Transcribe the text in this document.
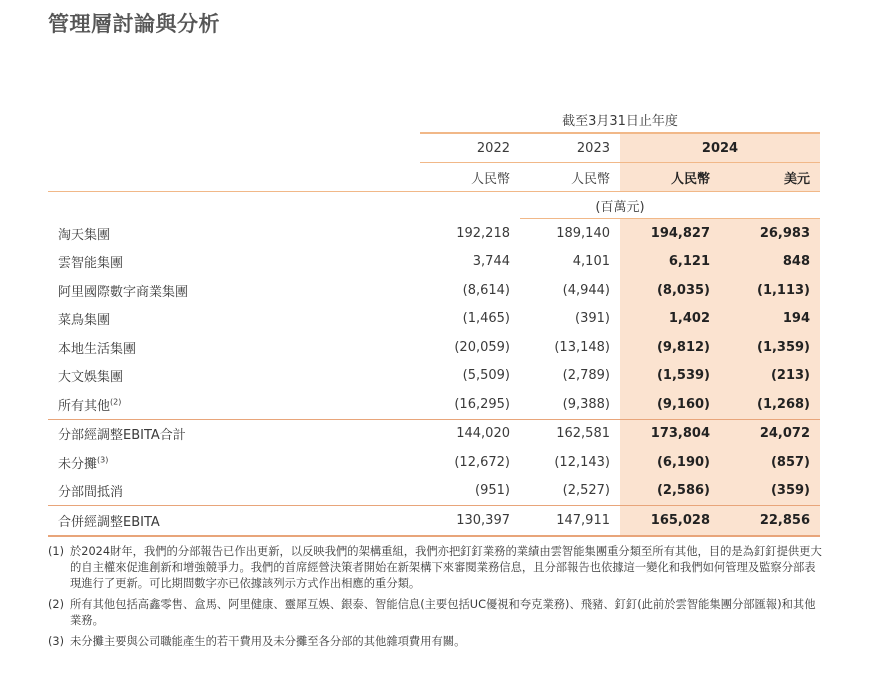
管理層討論與分析
	截至3月31日止年度			
	2022	2023	2024	
	人民幣	人民幣	人民幣	美元
		(百萬元)		
淘天集團	192,218	189,140	194,827	26,983
雲智能集團	3,744	4,101	6,121	848
阿里國際數字商業集團	(8,614)	(4,944)	(8,035)	(1,113)
菜鳥集團	(1,465)	(391)	1,402	194
本地生活集團	(20,059)	(13,148)	(9,812)	(1,359)
大文娛集團	(5,509)	(2,789)	(1,539)	(213)
所有其他$^{(2)}$	(16,295)	(9,388)	(9,160)	(1,268)
分部經調整EBITA合計	144,020	162,581	173,804	24,072
未分攤$^{(3)}$	(12,672)	(12,143)	(6,190)	(857)
分部間抵消	(951)	(2,527)	(2,586)	(359)
合併經調整EBITA	130,397	147,911	165,028	22,856
(1) 於2024財年，我們的分部報告已作出更新，以反映我們的架構重組，我們亦把釘釘業務的業績由雲智能集團重分類至所有其他，目的是為釘釘提供更大的自主權來促進創新和增強競爭力。我們的首席經營決策者開始在新架構下來審閱業務信息，且分部報告也依據這一變化和我們如何管理及監察分部表現進行了更新。可比期間數字亦已依據該列示方式作出相應的重分類。
(2) 所有其他包括高鑫零售、盒馬、阿里健康、靈犀互娛、銀泰、智能信息(主要包括UC優視和夸克業務)、飛豬、釘釘(此前於雲智能集團分部匯報)和其他業務。
(3) 未分攤主要與公司職能產生的若干費用及未分攤至各分部的其他雜項費用有關。
